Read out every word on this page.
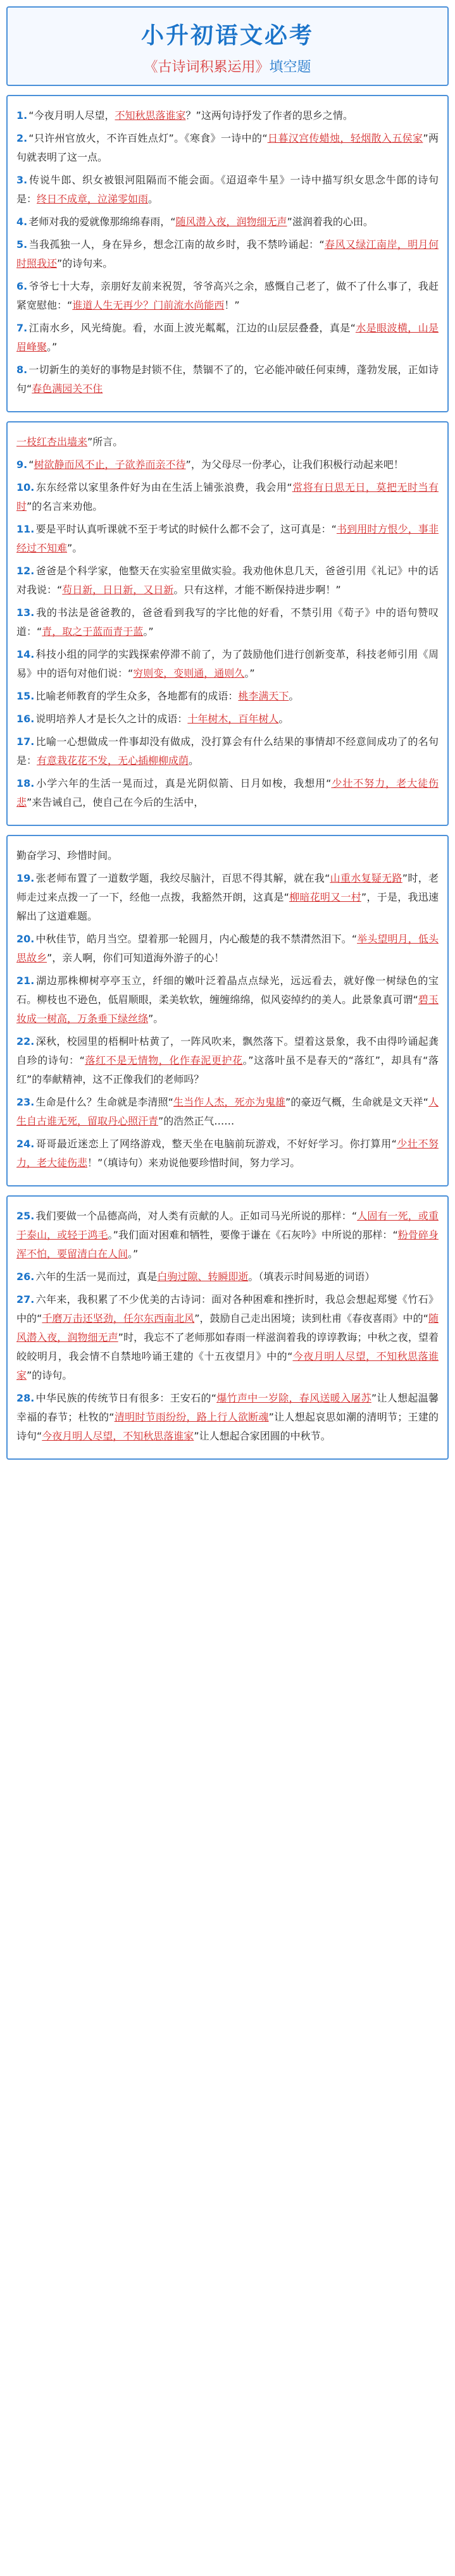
小升初语文必考
《古诗词积累运用》填空题
1. “今夜月明人尽望，不知秋思落谁家？”这两句诗抒发了作者的思乡之情。
2. “只许州官放火，不许百姓点灯”。《寒食》一诗中的“日暮汉宫传蜡烛，轻烟散入五侯家”两句就表明了这一点。
3. 传说牛郎、织女被银河阻隔而不能会面。《迢迢牵牛星》一诗中描写织女思念牛郎的诗句是：终日不成章，泣涕零如雨。
4. 老师对我的爱就像那绵绵春雨，“随风潜入夜，润物细无声”滋润着我的心田。
5. 当我孤独一人，身在异乡，想念江南的故乡时，我不禁吟诵起：“春风又绿江南岸，明月何时照我还”的诗句来。
6. 爷爷七十大寿，亲朋好友前来祝贺，爷爷高兴之余，感慨自己老了，做不了什么事了，我赶紧宽慰他：“谁道人生无再少？门前流水尚能西！”
7. 江南水乡，风光绮旎。看，水面上波光粼粼，江边的山层层叠叠，真是“水是眼波横，山是眉峰聚。”
8. 一切新生的美好的事物是封锁不住，禁锢不了的，它必能冲破任何束缚，蓬勃发展，正如诗句“春色满园关不住
一枝红杏出墙来”所言。
9. “树欲静而风不止，子欲养而亲不待”，为父母尽一份孝心，让我们积极行动起来吧！
10. 东东经常以家里条件好为由在生活上铺张浪费，我会用“常将有日思无日，莫把无时当有时”的名言来劝他。
11. 要是平时认真听课就不至于考试的时候什么都不会了，这可真是：“书到用时方恨少，事非经过不知难”。
12. 爸爸是个科学家，他整天在实验室里做实验。我劝他休息几天，爸爸引用《礼记》中的话对我说：“苟日新，日日新，又日新。只有这样，才能不断保持进步啊！”
13. 我的书法是爸爸教的，爸爸看到我写的字比他的好看，不禁引用《荀子》中的语句赞叹道：“青，取之于蓝而青于蓝。”
14. 科技小组的同学的实践探索停滞不前了，为了鼓励他们进行创新变革，科技老师引用《周易》中的语句对他们说：“穷则变，变则通，通则久。”
15. 比喻老师教育的学生众多，各地都有的成语：桃李满天下。
16. 说明培养人才是长久之计的成语：十年树木，百年树人。
17. 比喻一心想做成一件事却没有做成，没打算会有什么结果的事情却不经意间成功了的名句是：有意栽花花不发，无心插柳柳成荫。
18. 小学六年的生活一晃而过，真是光阴似箭、日月如梭，我想用“少壮不努力，老大徒伤悲”来告诫自己，使自己在今后的生活中，
勤奋学习、珍惜时间。
19. 张老师布置了一道数学题，我绞尽脑汁，百思不得其解，就在我“山重水复疑无路”时，老师走过来点拨一了一下，经他一点拨，我豁然开朗，这真是“柳暗花明又一村”，于是，我迅速解出了这道难题。
20. 中秋佳节，皓月当空。望着那一轮圆月，内心酸楚的我不禁潸然泪下。“举头望明月，低头思故乡”，亲人啊，你们可知道海外游子的心！
21. 湖边那株柳树亭亭玉立，纤细的嫩叶泛着晶点点绿光，远远看去，就好像一树绿色的宝石。柳枝也不逊色，低眉顺眼，柔美软软，缠缠绵绵，似风姿绰约的美人。此景象真可谓“碧玉妆成一树高，万条垂下绿丝绦”。
22. 深秋，校园里的梧桐叶枯黄了，一阵风吹来，飘然落下。望着这景象，我不由得吟诵起龚自珍的诗句：“落红不是无情物，化作春泥更护花。”这落叶虽不是春天的“落红”，却具有“落红”的奉献精神，这不正像我们的老师吗？
23. 生命是什么？生命就是李清照“生当作人杰，死亦为鬼雄”的豪迈气概，生命就是文天祥“人生自古谁无死，留取丹心照汗青”的浩然正气……
24. 哥哥最近迷恋上了网络游戏，整天坐在电脑前玩游戏，不好好学习。你打算用“少壮不努力，老大徒伤悲！”（填诗句）来劝说他要珍惜时间，努力学习。
25. 我们要做一个品德高尚，对人类有贡献的人。正如司马光所说的那样：“人固有一死，或重于泰山，或轻于鸿毛。”我们面对困难和牺牲，要像于谦在《石灰吟》中所说的那样：“粉骨碎身浑不怕，要留清白在人间。”
26. 六年的生活一晃而过，真是白驹过隙、转瞬即逝。（填表示时间易逝的词语）
27. 六年来，我积累了不少优美的古诗词：面对各种困难和挫折时，我总会想起郑燮《竹石》中的“千磨万击还坚劲，任尔东西南北风”，鼓励自己走出困境；读到杜甫《春夜喜雨》中的“随风潜入夜，润物细无声”时，我忘不了老师那如春雨一样滋润着我的谆谆教诲；中秋之夜，望着皎皎明月，我会情不自禁地吟诵王建的《十五夜望月》中的“今夜月明人尽望，不知秋思落谁家”的诗句。
28. 中华民族的传统节日有很多：王安石的“爆竹声中一岁除，春风送暖入屠苏”让人想起温馨幸福的春节；杜牧的“清明时节雨纷纷，路上行人欲断魂”让人想起哀思如潮的清明节；王建的诗句“今夜月明人尽望，不知秋思落谁家”让人想起合家团圆的中秋节。
